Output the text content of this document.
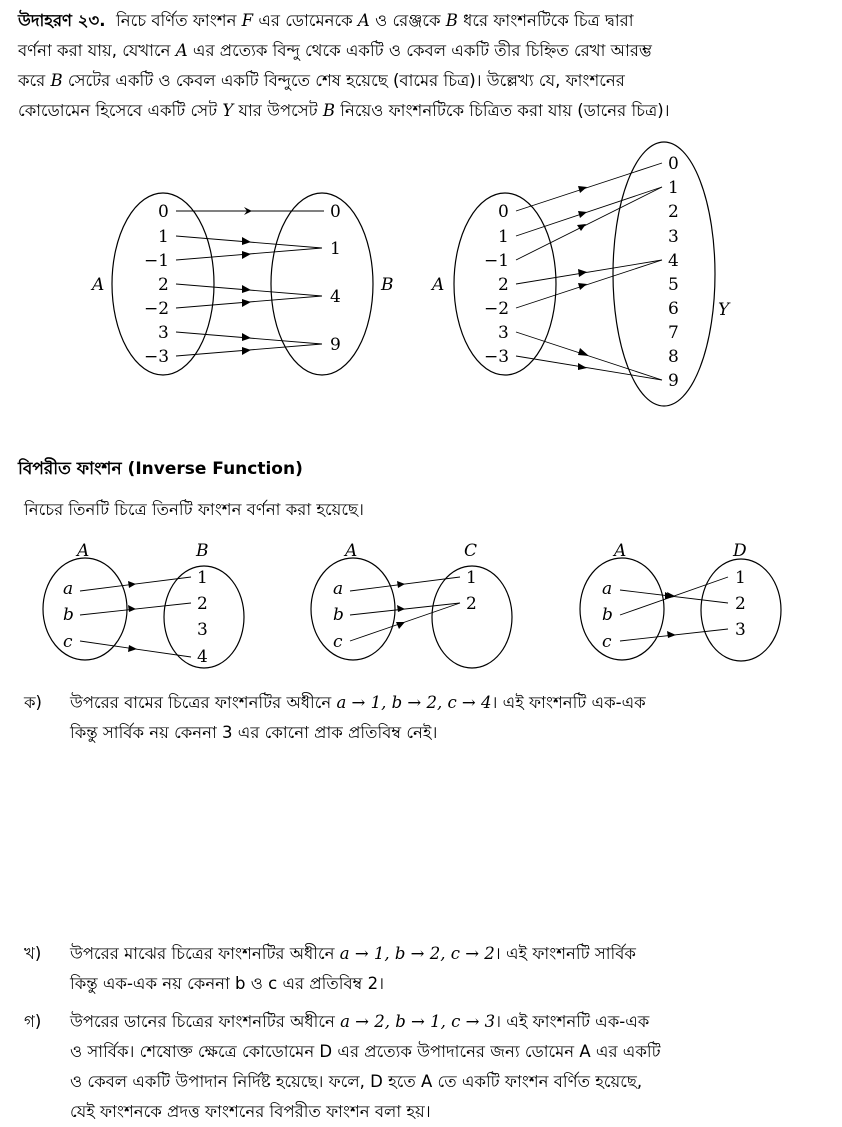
উদাহরণ ২৩. নিচে বর্ণিত ফাংশন F এর ডোমেনকে A ও রেঞ্জকে B ধরে ফাংশনটিকে চিত্র দ্বারা
বর্ণনা করা যায়, যেখানে A এর প্রত্যেক বিন্দু থেকে একটি ও কেবল একটি তীর চিহ্নিত রেখা আরম্ভ
করে B সেটের একটি ও কেবল একটি বিন্দুতে শেষ হয়েছে (বামের চিত্র)। উল্লেখ্য যে, ফাংশনের
কোডোমেন হিসেবে একটি সেট Y যার উপসেট B নিয়েও ফাংশনটিকে চিত্রিত করা যায় (ডানের চিত্র)।
A	B
0
1
−1
2
−2
3
−3
0
1
4
9
A
Y
0
1
−1
2
−2
3
−3
0
1
2
3
4
5
6
7
8
9
A	B
a
b
c
1
2
3
4
A	C
a
b
c
1
2
A	D
a
b
c
1
2
3
বিপরীত ফাংশন (Inverse Function)
নিচের তিনটি চিত্রে তিনটি ফাংশন বর্ণনা করা হয়েছে।
ক) উপরের বামের চিত্রের ফাংশনটির অধীনে a → 1, b → 2, c → 4। এই ফাংশনটি এক-এক
কিন্তু সার্বিক নয় কেননা 3 এর কোনো প্রাক প্রতিবিম্ব নেই।
খ) উপরের মাঝের চিত্রের ফাংশনটির অধীনে a → 1, b → 2, c → 2। এই ফাংশনটি সার্বিক
কিন্তু এক-এক নয় কেননা b ও c এর প্রতিবিম্ব 2।
গ) উপরের ডানের চিত্রের ফাংশনটির অধীনে a → 2, b → 1, c → 3। এই ফাংশনটি এক-এক
ও সার্বিক। শেষোক্ত ক্ষেত্রে কোডোমেন D এর প্রত্যেক উপাদানের জন্য ডোমেন A এর একটি
ও কেবল একটি উপাদান নির্দিষ্ট হয়েছে। ফলে, D হতে A তে একটি ফাংশন বর্ণিত হয়েছে,
যেই ফাংশনকে প্রদত্ত ফাংশনের বিপরীত ফাংশন বলা হয়।
